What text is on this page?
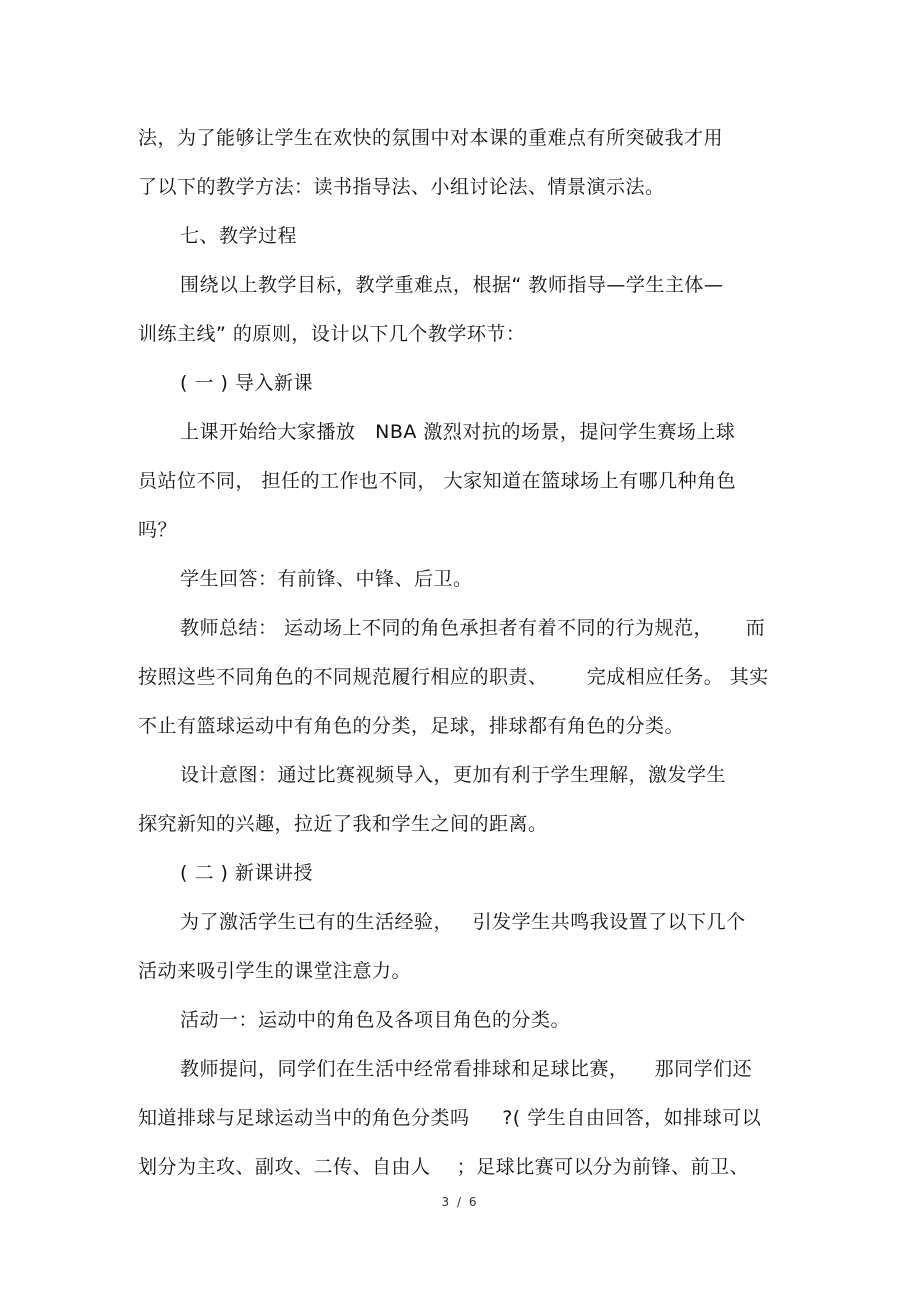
法，为了能够让学生在欢快的氛围中对本课的重难点有所突破我才用
了以下的教学方法：读书指导法、小组讨论法、情景演示法。
七、教学过程
围绕以上教学目标，教学重难点，根据“ 教师指导—学生主体—
训练主线” 的原则，设计以下几个教学环节：
( 一 ) 导入新课
上课开始给大家播放   NBA 激烈对抗的场景，提问学生赛场上球
员站位不同， 担任的工作也不同， 大家知道在篮球场上有哪几种角色
吗？
学生回答：有前锋、中锋、后卫。
教师总结： 运动场上不同的角色承担者有着不同的行为规范，     而
按照这些不同角色的不同规范履行相应的职责、      完成相应任务。 其实
不止有篮球运动中有角色的分类，足球，排球都有角色的分类。
设计意图：通过比赛视频导入，更加有利于学生理解，激发学生
探究新知的兴趣，拉近了我和学生之间的距离。
( 二 ) 新课讲授
为了激活学生已有的生活经验，   引发学生共鸣我设置了以下几个
活动来吸引学生的课堂注意力。
活动一：运动中的角色及各项目角色的分类。
教师提问，同学们在生活中经常看排球和足球比赛，    那同学们还
知道排球与足球运动当中的角色分类吗     ?( 学生自由回答，如排球可以
划分为主攻、副攻、二传、自由人    ；足球比赛可以分为前锋、前卫、
3 / 6
